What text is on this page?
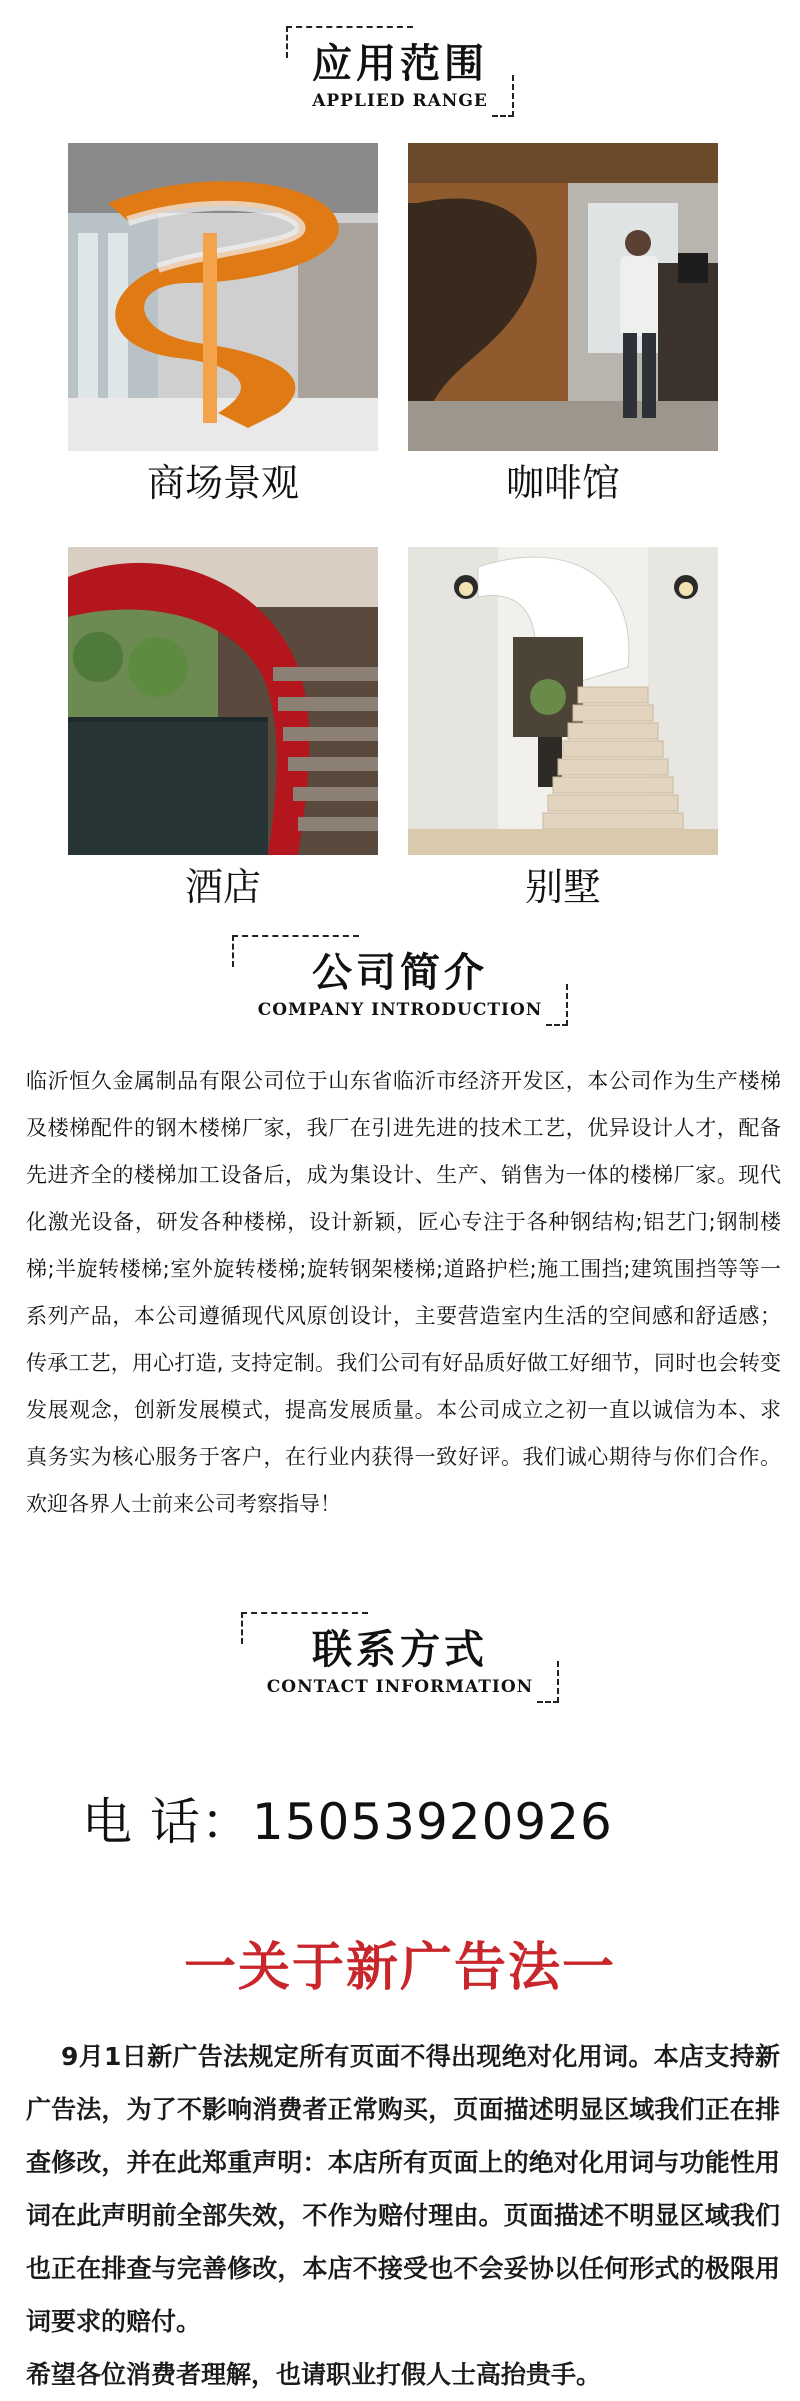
应用范围
APPLIED RANGE
商场景观	咖啡馆
酒店	别墅
公司简介
COMPANY INTRODUCTION

临沂恒久金属制品有限公司位于山东省临沂市经济开发区，本公司作为生产楼梯及楼梯配件的钢木楼梯厂家，我厂在引进先进的技术工艺，优异设计人才，配备先进齐全的楼梯加工设备后，成为集设计、生产、销售为一体的楼梯厂家。现代化激光设备，研发各种楼梯，设计新颖，匠心专注于各种钢结构;铝艺门;钢制楼梯;半旋转楼梯;室外旋转楼梯;旋转钢架楼梯;道路护栏;施工围挡;建筑围挡等等一系列产品，本公司遵循现代风原创设计，主要营造室内生活的空间感和舒适感；传承工艺，用心打造, 支持定制。我们公司有好品质好做工好细节，同时也会转变发展观念，创新发展模式，提高发展质量。本公司成立之初一直以诚信为本、求真务实为核心服务于客户，在行业内获得一致好评。我们诚心期待与你们合作。欢迎各界人士前来公司考察指导！

联系方式
CONTACT INFORMATION
电 话：15053920926
一关于新广告法一

9月1日新广告法规定所有页面不得出现绝对化用词。本店支持新广告法，为了不影响消费者正常购买，页面描述明显区域我们正在排查修改，并在此郑重声明：本店所有页面上的绝对化用词与功能性用词在此声明前全部失效，不作为赔付理由。页面描述不明显区域我们也正在排查与完善修改，本店不接受也不会妥协以任何形式的极限用词要求的赔付。

希望各位消费者理解，也请职业打假人士高抬贵手。
